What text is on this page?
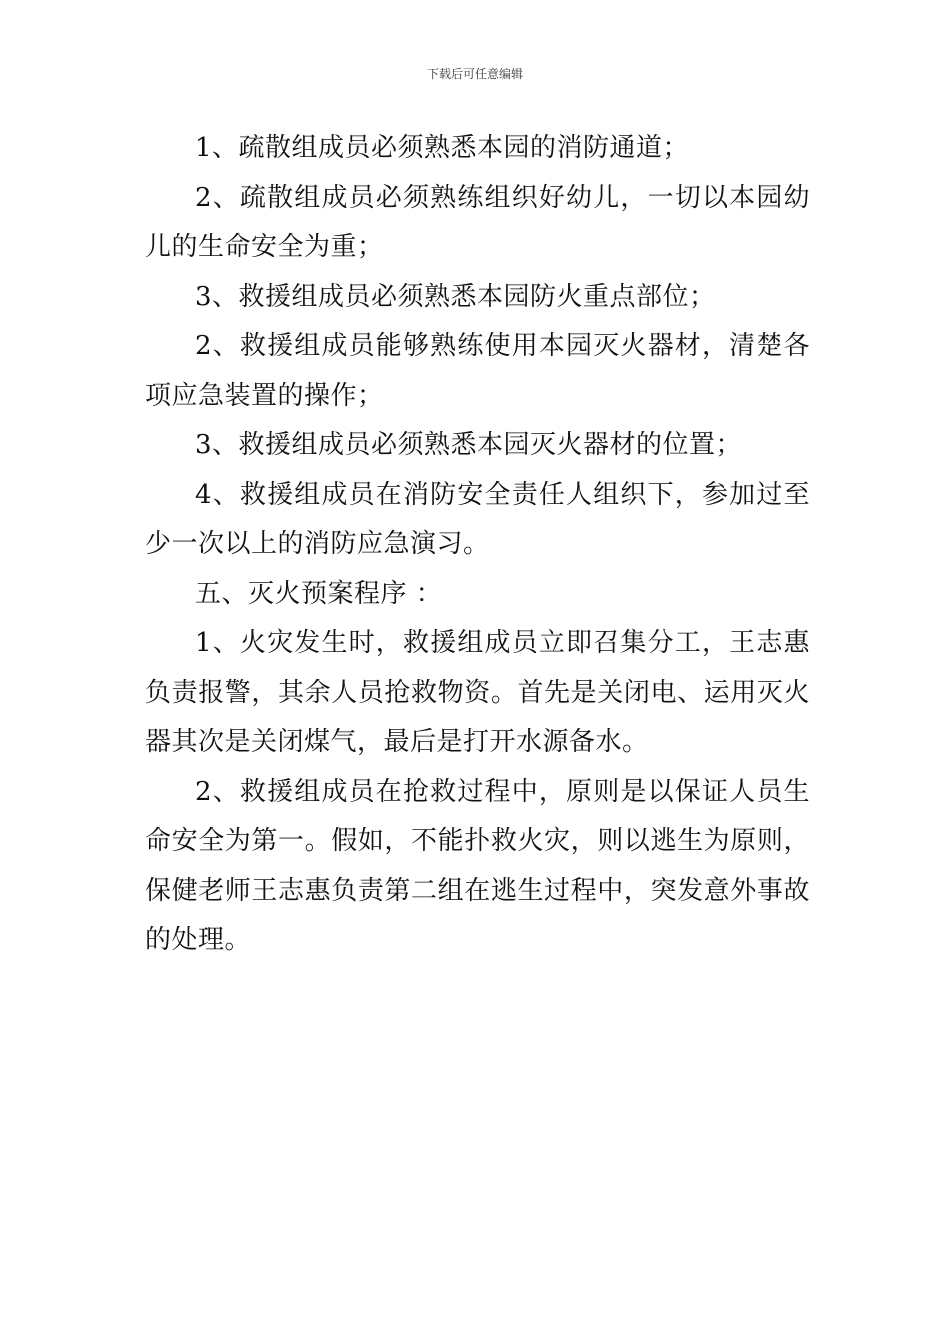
下载后可任意编辑

1、疏散组成员必须熟悉本园的消防通道；

2、疏散组成员必须熟练组织好幼儿，一切以本园幼儿的生命安全为重；

3、救援组成员必须熟悉本园防火重点部位；

2、救援组成员能够熟练使用本园灭火器材，清楚各项应急装置的操作；

3、救援组成员必须熟悉本园灭火器材的位置；

4、救援组成员在消防安全责任人组织下，参加过至少一次以上的消防应急演习。

五、灭火预案程序 ：

1、火灾发生时，救援组成员立即召集分工，王志惠负责报警，其余人员抢救物资。首先是关闭电、运用灭火器其次是关闭煤气，最后是打开水源备水。

2、救援组成员在抢救过程中，原则是以保证人员生命安全为第一。假如，不能扑救火灾，则以逃生为原则，保健老师王志惠负责第二组在逃生过程中，突发意外事故的处理。
